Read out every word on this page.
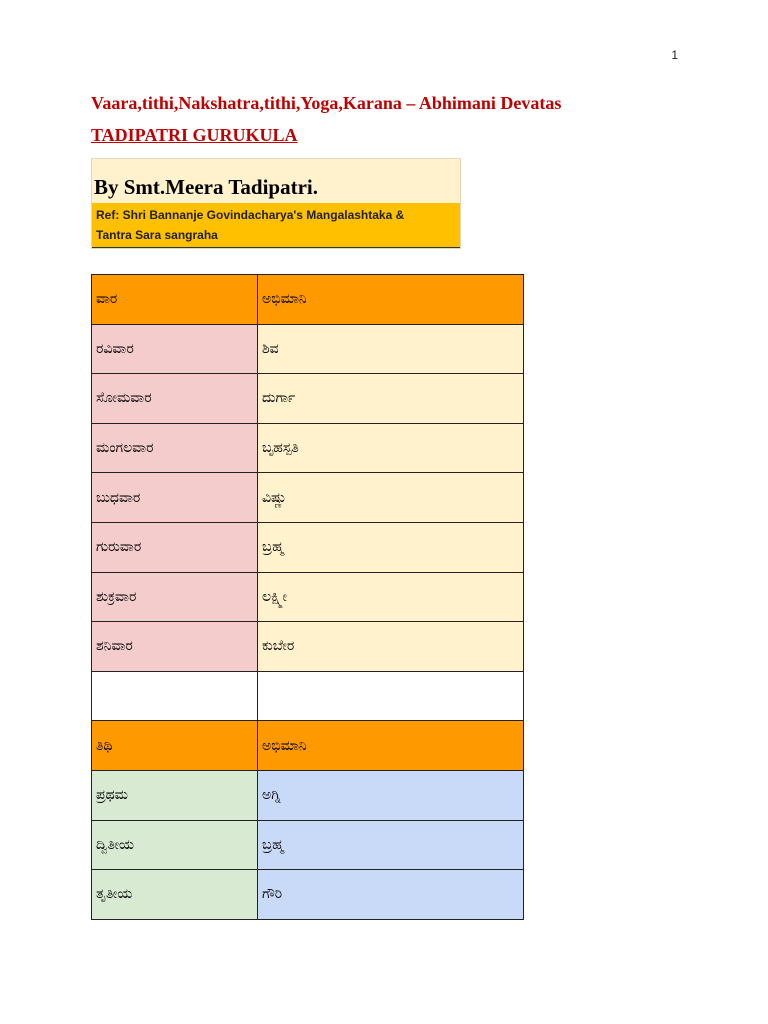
1
Vaara,tithi,Nakshatra,tithi,Yoga,Karana – Abhimani Devatas
TADIPATRI GURUKULA
By Smt.Meera Tadipatri.
Ref: Shri Bannanje Govindacharya's Mangalashtaka &
Tantra Sara sangraha
ವಾರ	ಅಭಿಮಾನಿ
ರವಿವಾರ	ಶಿವ
ಸೋಮವಾರ	ದುರ್ಗಾ
ಮಂಗಲವಾರ	ಬೃಹಸ್ಪತಿ
ಬುಧವಾರ	ವಿಷ್ಣು
ಗುರುವಾರ	ಬ್ರಹ್ಮ
ಶುಕ್ರವಾರ	ಲಕ್ಷ್ಮೀ
ಶನಿವಾರ	ಕುಬೇರ

ತಿಥಿ	ಅಭಿಮಾನಿ
ಪ್ರಥಮ	ಅಗ್ನಿ
ದ್ವಿತೀಯ	ಬ್ರಹ್ಮ
ತೃತೀಯ	ಗೌರಿ
